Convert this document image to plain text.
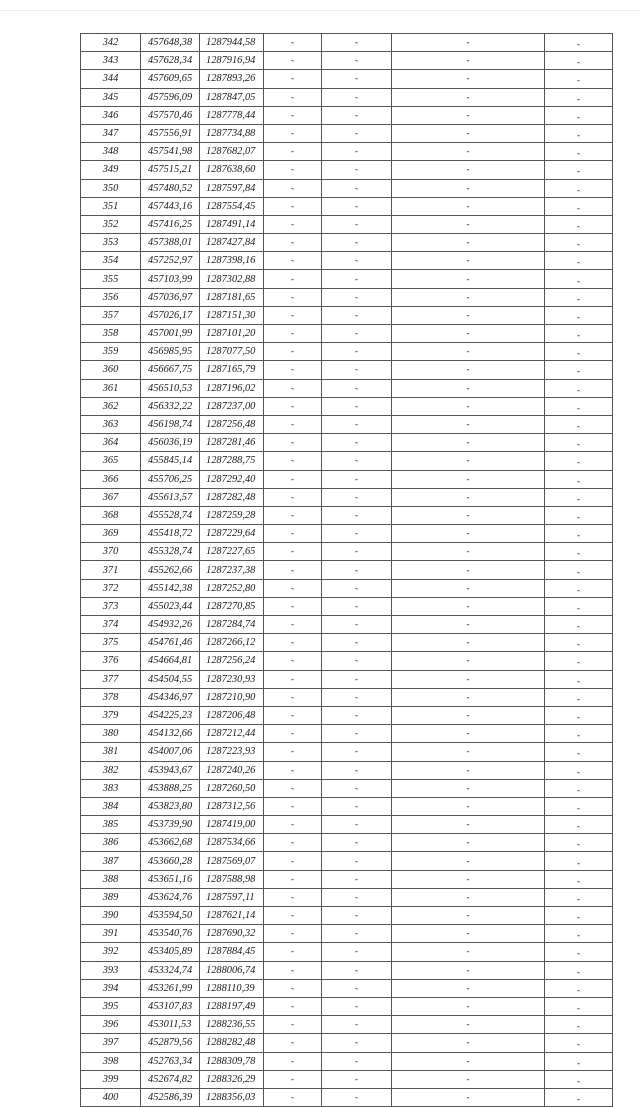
342	457648,38	1287944,58	-	-	-	-
343	457628,34	1287916,94	-	-	-	-
344	457609,65	1287893,26	-	-	-	-
345	457596,09	1287847,05	-	-	-	-
346	457570,46	1287778,44	-	-	-	-
347	457556,91	1287734,88	-	-	-	-
348	457541,98	1287682,07	-	-	-	-
349	457515,21	1287638,60	-	-	-	-
350	457480,52	1287597,84	-	-	-	-
351	457443,16	1287554,45	-	-	-	-
352	457416,25	1287491,14	-	-	-	-
353	457388,01	1287427,84	-	-	-	-
354	457252,97	1287398,16	-	-	-	-
355	457103,99	1287302,88	-	-	-	-
356	457036,97	1287181,65	-	-	-	-
357	457026,17	1287151,30	-	-	-	-
358	457001,99	1287101,20	-	-	-	-
359	456985,95	1287077,50	-	-	-	-
360	456667,75	1287165,79	-	-	-	-
361	456510,53	1287196,02	-	-	-	-
362	456332,22	1287237,00	-	-	-	-
363	456198,74	1287256,48	-	-	-	-
364	456036,19	1287281,46	-	-	-	-
365	455845,14	1287288,75	-	-	-	-
366	455706,25	1287292,40	-	-	-	-
367	455613,57	1287282,48	-	-	-	-
368	455528,74	1287259,28	-	-	-	-
369	455418,72	1287229,64	-	-	-	-
370	455328,74	1287227,65	-	-	-	-
371	455262,66	1287237,38	-	-	-	-
372	455142,38	1287252,80	-	-	-	-
373	455023,44	1287270,85	-	-	-	-
374	454932,26	1287284,74	-	-	-	-
375	454761,46	1287266,12	-	-	-	-
376	454664,81	1287256,24	-	-	-	-
377	454504,55	1287230,93	-	-	-	-
378	454346,97	1287210,90	-	-	-	-
379	454225,23	1287206,48	-	-	-	-
380	454132,66	1287212,44	-	-	-	-
381	454007,06	1287223,93	-	-	-	-
382	453943,67	1287240,26	-	-	-	-
383	453888,25	1287260,50	-	-	-	-
384	453823,80	1287312,56	-	-	-	-
385	453739,90	1287419,00	-	-	-	-
386	453662,68	1287534,66	-	-	-	-
387	453660,28	1287569,07	-	-	-	-
388	453651,16	1287588,98	-	-	-	-
389	453624,76	1287597,11	-	-	-	-
390	453594,50	1287621,14	-	-	-	-
391	453540,76	1287690,32	-	-	-	-
392	453405,89	1287884,45	-	-	-	-
393	453324,74	1288006,74	-	-	-	-
394	453261,99	1288110,39	-	-	-	-
395	453107,83	1288197,49	-	-	-	-
396	453011,53	1288236,55	-	-	-	-
397	452879,56	1288282,48	-	-	-	-
398	452763,34	1288309,78	-	-	-	-
399	452674,82	1288326,29	-	-	-	-
400	452586,39	1288356,03	-	-	-	-
